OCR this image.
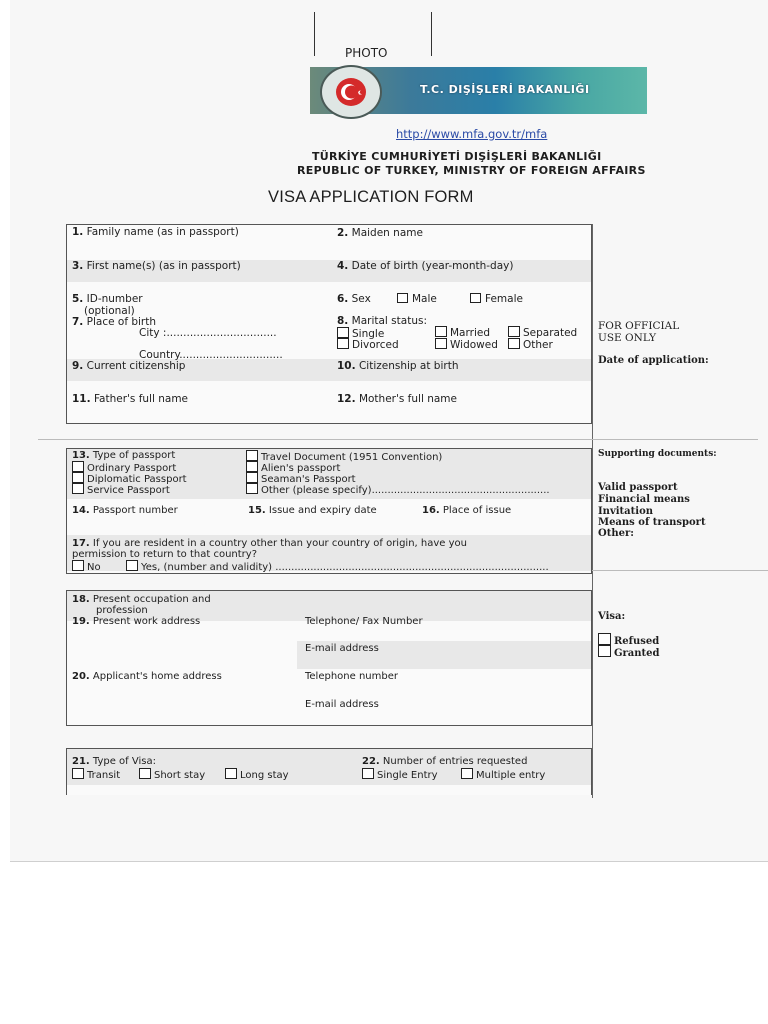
PHOTO
T.C. DIŞİŞLERİ BAKANLIĞI
http://www.mfa.gov.tr/mfa
TÜRKİYE CUMHURİYETİ DIŞİŞLERİ BAKANLIĞI
REPUBLIC OF TURKEY, MINISTRY OF FOREIGN AFFAIRS
VISA APPLICATION FORM
1. Family name (as in passport)	2. Maiden name
3. First name(s) (as in passport)	4. Date of birth (year-month-day)
5. ID-number
(optional)
6. Sex	Male	Female
7. Place of birth
City :.................................
Country...............................
8. Marital status:
Single	Married	Separated
Divorced	Widowed	Other
9. Current citizenship	10. Citizenship at birth
11. Father's full name	12. Mother's full name
FOR OFFICIAL
USE ONLY
Date of application:
13. Type of passport
Ordinary Passport
Diplomatic Passport
Service Passport
Travel Document (1951 Convention)
Alien's passport
Seaman's Passport
Other (please specify)........................................................
14. Passport number	15. Issue and expiry date	16. Place of issue
17. If you are resident in a country other than your country of origin, have you
permission to return to that country?
No	Yes, (number and validity) ......................................................................................
Supporting documents:
Valid passport
Financial means
Invitation
Means of transport
Other:
18. Present occupation and
profession
19. Present work address	Telephone/ Fax Number
E-mail address
20. Applicant's home address	Telephone number
E-mail address
Visa:
Refused
Granted
21. Type of Visa:
Transit	Short stay	Long stay
22. Number of entries requested
Single Entry	Multiple entry
